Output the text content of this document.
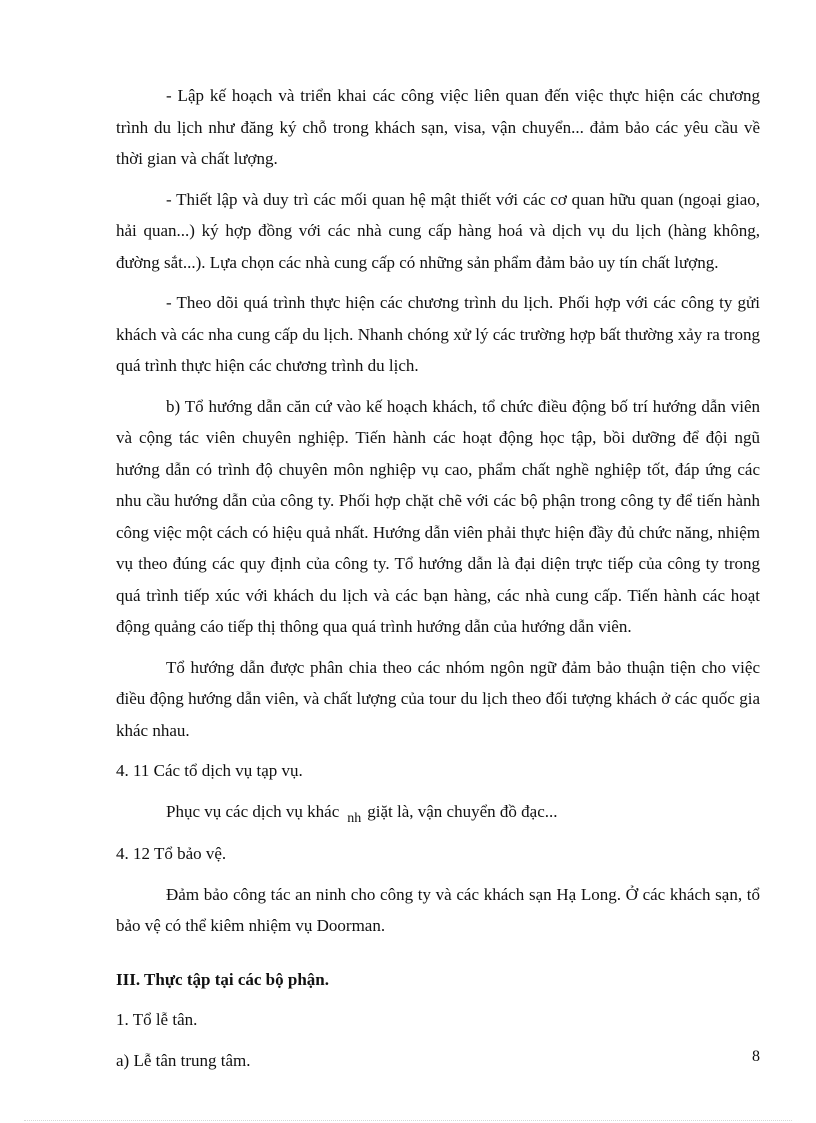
- Lập kế hoạch và triển khai các công việc liên quan đến việc thực hiện các chương trình du lịch như đăng ký chỗ trong khách sạn, visa, vận chuyển... đảm bảo các yêu cầu về thời gian và chất lượng.

- Thiết lập và duy trì các mối quan hệ mật thiết với các cơ quan hữu quan (ngoại giao, hải quan...) ký hợp đồng với các nhà cung cấp hàng hoá và dịch vụ du lịch (hàng không, đường sắt...). Lựa chọn các nhà cung cấp có những sản phẩm đảm bảo uy tín chất lượng.

- Theo dõi quá trình thực hiện các chương trình du lịch. Phối hợp với các công ty gửi khách và các nha cung cấp du lịch. Nhanh chóng xử lý các trường hợp bất thường xảy ra trong quá trình thực hiện các chương trình du lịch.

b) Tổ hướng dẫn căn cứ vào kế hoạch khách, tổ chức điều động bố trí hướng dẫn viên và cộng tác viên chuyên nghiệp. Tiến hành các hoạt động học tập, bồi dưỡng để đội ngũ hướng dẫn có trình độ chuyên môn nghiệp vụ cao, phẩm chất nghề nghiệp tốt, đáp ứng các nhu cầu hướng dẫn của công ty. Phối hợp chặt chẽ với các bộ phận trong công ty để tiến hành công việc một cách có hiệu quả nhất. Hướng dẫn viên phải thực hiện đầy đủ chức năng, nhiệm vụ theo đúng các quy định của công ty. Tổ hướng dẫn là đại diện trực tiếp của công ty trong quá trình tiếp xúc với khách du lịch và các bạn hàng, các nhà cung cấp. Tiến hành các hoạt động quảng cáo tiếp thị thông qua quá trình hướng dẫn của hướng dẫn viên.

Tổ hướng dẫn được phân chia theo các nhóm ngôn ngữ đảm bảo thuận tiện cho việc điều động hướng dẫn viên, và chất lượng của tour du lịch theo đối tượng khách ở các quốc gia khác nhau.

4. 11 Các tổ dịch vụ tạp vụ.

Phục vụ các dịch vụ khác $_{nh}$ giặt là, vận chuyển đồ đạc...

4. 12 Tổ bảo vệ.

Đảm bảo công tác an ninh cho công ty và các khách sạn Hạ Long. Ở các khách sạn, tổ bảo vệ có thể kiêm nhiệm vụ Doorman.

III. Thực tập tại các bộ phận.

1. Tổ lễ tân.

a) Lễ tân trung tâm.	8
